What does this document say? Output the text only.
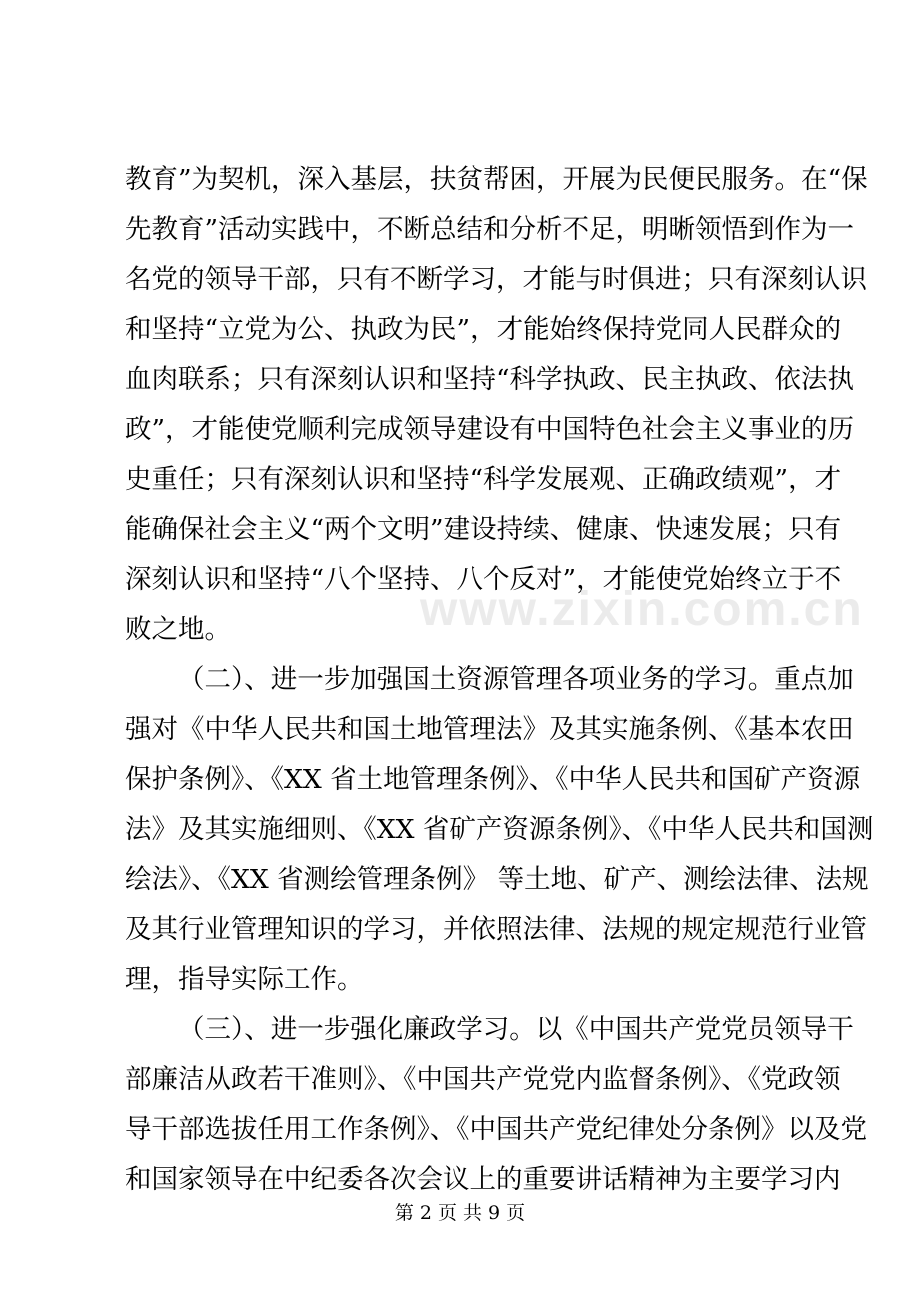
教育”为契机，深入基层，扶贫帮困，开展为民便民服务。在“保
先教育”活动实践中，不断总结和分析不足，明晰领悟到作为一
名党的领导干部，只有不断学习，才能与时俱进；只有深刻认识
和坚持“立党为公、执政为民”，才能始终保持党同人民群众的
血肉联系；只有深刻认识和坚持“科学执政、民主执政、依法执
政”，才能使党顺利完成领导建设有中国特色社会主义事业的历
史重任；只有深刻认识和坚持“科学发展观、正确政绩观”，才
能确保社会主义“两个文明”建设持续、健康、快速发展；只有
深刻认识和坚持“八个坚持、八个反对”，才能使党始终立于不
败之地。
（二）、进一步加强国土资源管理各项业务的学习。重点加
强对《中华人民共和国土地管理法》及其实施条例、《基本农田
保护条例》、《XX 省土地管理条例》、《中华人民共和国矿产资源
法》及其实施细则、《XX 省矿产资源条例》、《中华人民共和国测
绘法》、《XX 省测绘管理条例》 等土地、矿产、测绘法律、法规
及其行业管理知识的学习，并依照法律、法规的规定规范行业管
理，指导实际工作。
（三）、进一步强化廉政学习。以《中国共产党党员领导干
部廉洁从政若干准则》、《中国共产党党内监督条例》、《党政领
导干部选拔任用工作条例》、《中国共产党纪律处分条例》以及党
www.zixin.com.cn
和国家领导在中纪委各次会议上的重要讲话精神为主要学习内
第 2 页 共 9 页
